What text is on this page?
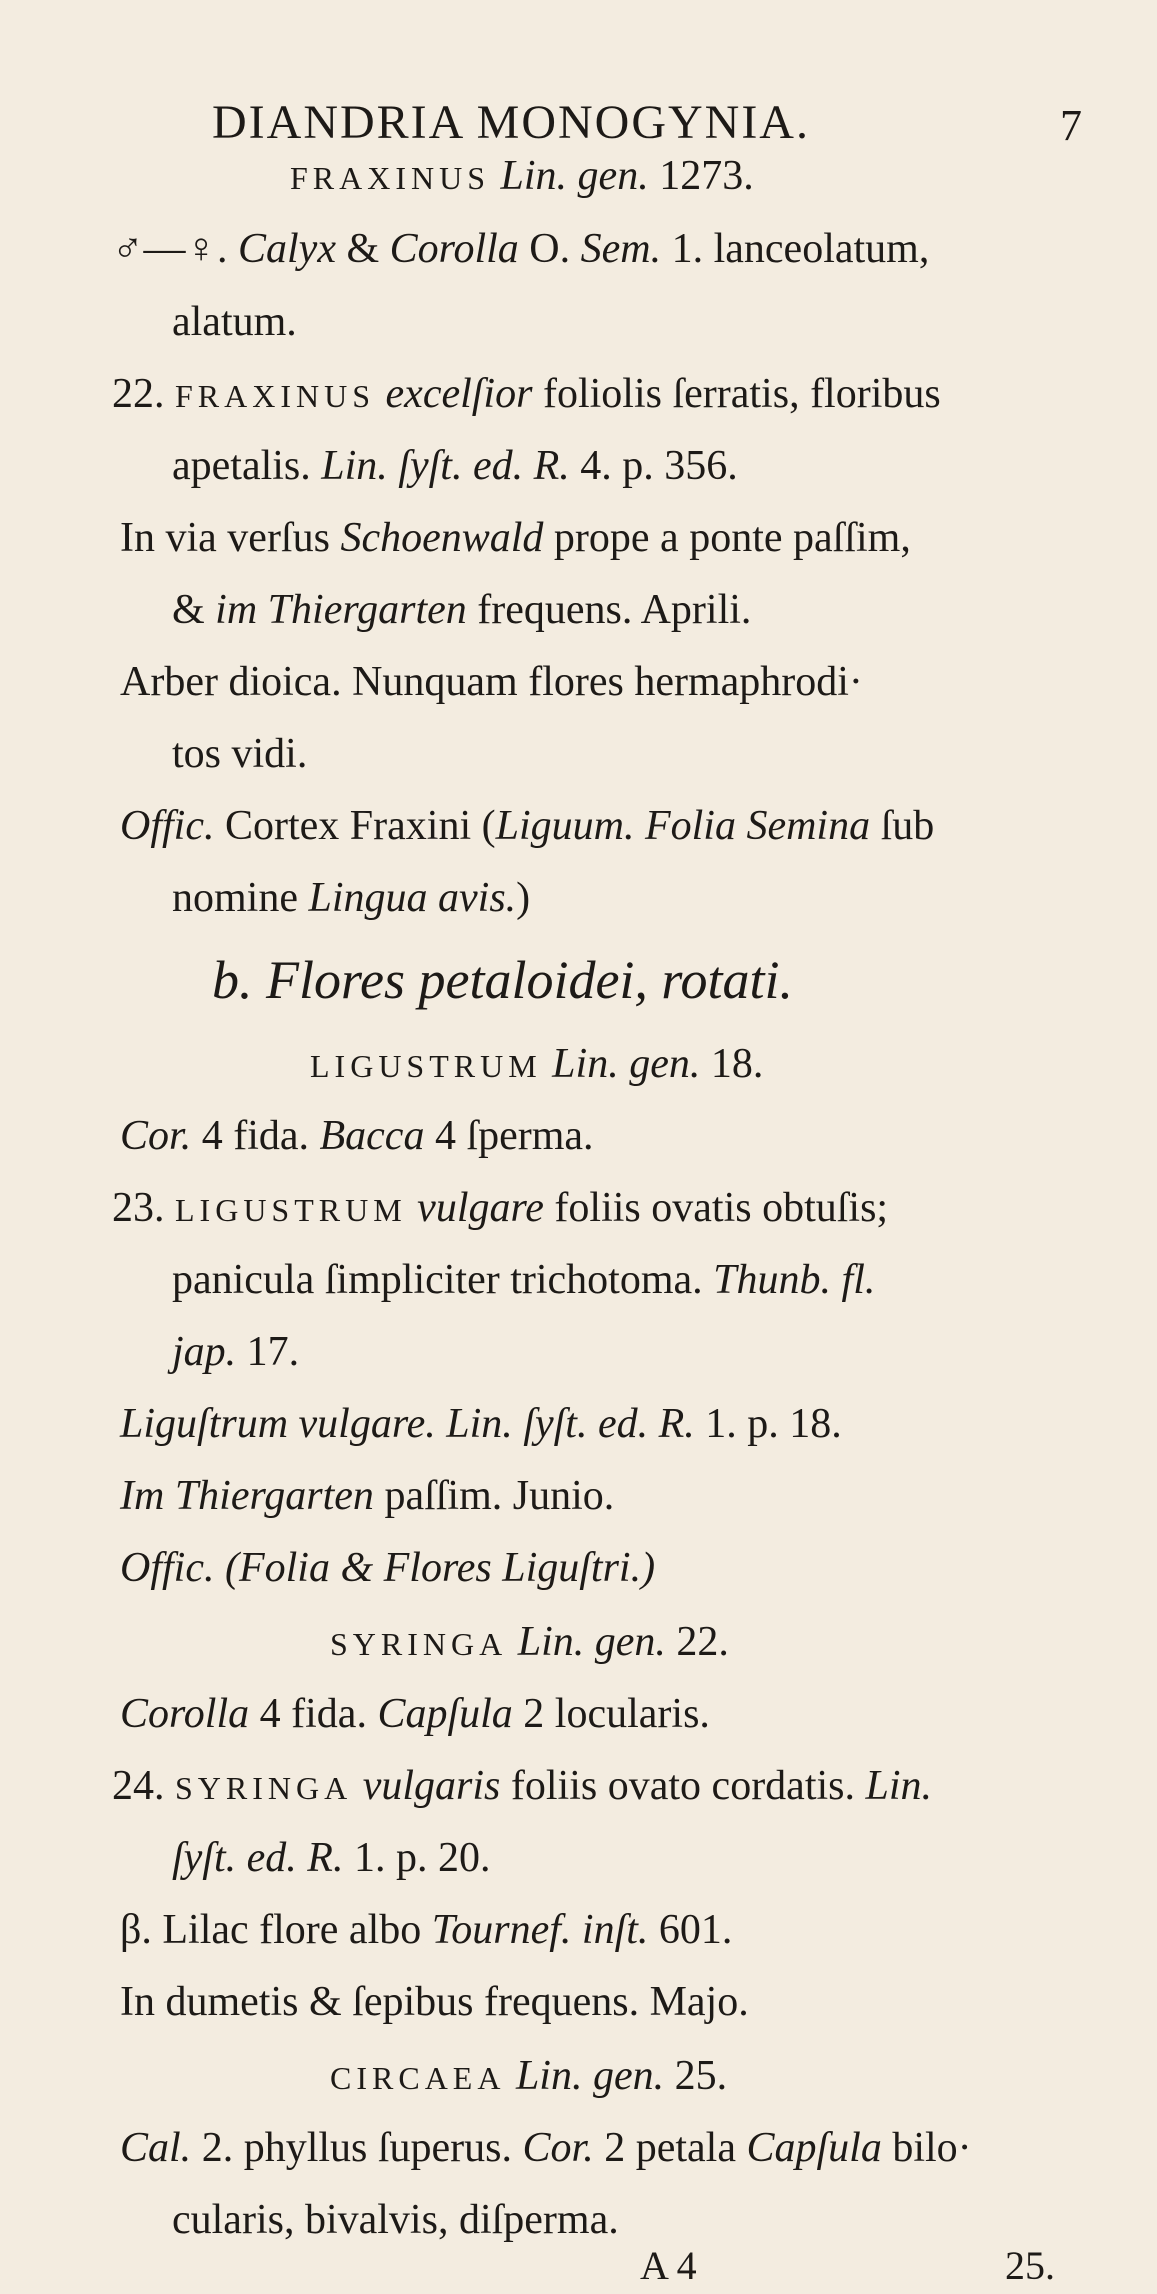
DIANDRIA MONOGYNIA.	7
FRAXINUS Lin. gen. 1273.
♂—♀. Calyx & Corolla O. Sem. 1. lanceolatum,
alatum.
22. FRAXINUS excelſior foliolis ſerratis, floribus
apetalis. Lin. ſyſt. ed. R. 4. p. 356.
In via verſus Schoenwald prope a ponte paſſim,
& im Thiergarten frequens. Aprili.
Arber dioica. Nunquam flores hermaphrodi·
tos vidi.
Offic. Cortex Fraxini (Liguum. Folia Semina ſub
nomine Lingua avis.)
b. Flores petaloidei, rotati.
LIGUSTRUM Lin. gen. 18.
Cor. 4 fida. Bacca 4 ſperma.
23. LIGUSTRUM vulgare foliis ovatis obtuſis;
panicula ſimpliciter trichotoma. Thunb. fl.
jap. 17.
Liguſtrum vulgare. Lin. ſyſt. ed. R. 1. p. 18.
Im Thiergarten paſſim. Junio.
Offic. (Folia & Flores Liguſtri.)
SYRINGA Lin. gen. 22.
Corolla 4 fida. Capſula 2 locularis.
24. SYRINGA vulgaris foliis ovato cordatis. Lin.
ſyſt. ed. R. 1. p. 20.
β. Lilac flore albo Tournef. inſt. 601.
In dumetis & ſepibus frequens. Majo.
CIRCAEA Lin. gen. 25.
Cal. 2. phyllus ſuperus. Cor. 2 petala Capſula bilo·
cularis, bivalvis, diſperma.
A 4	25.
